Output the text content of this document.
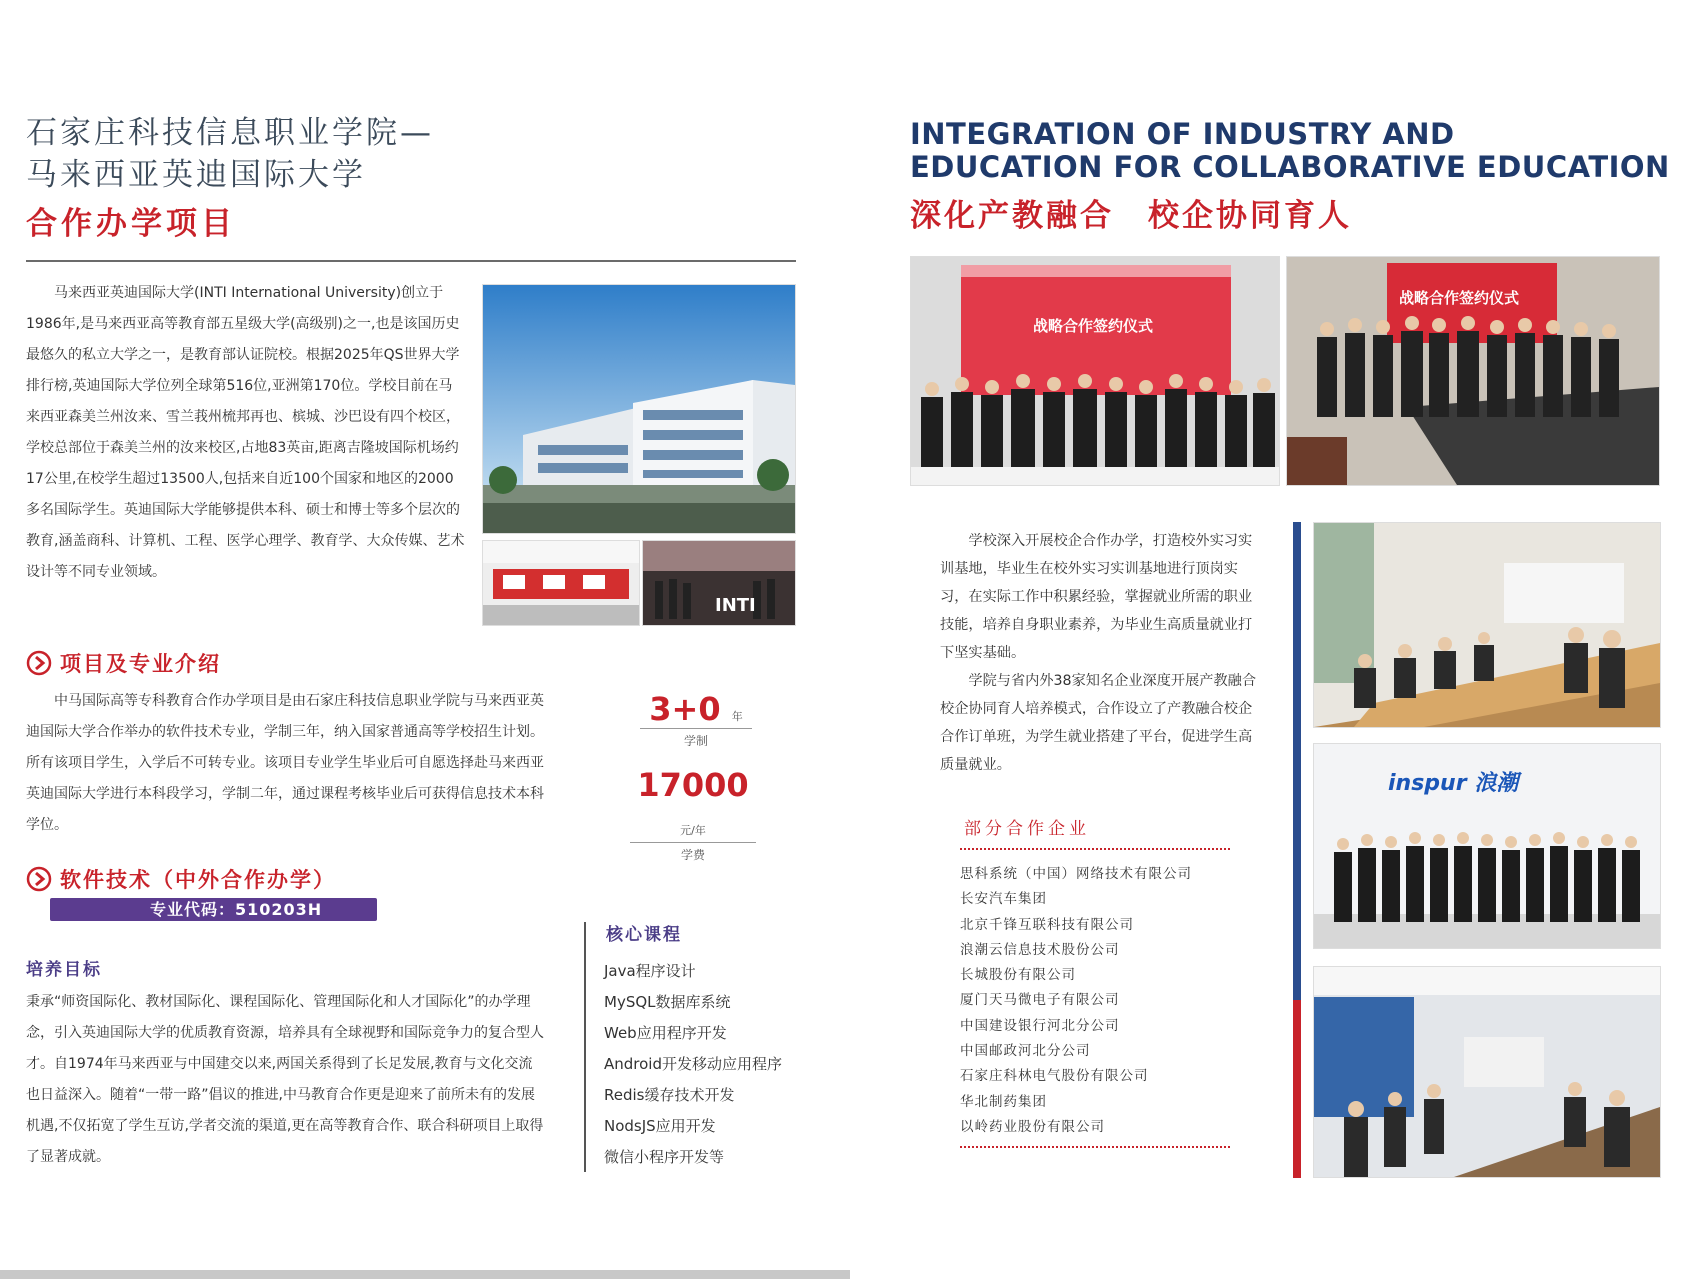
石家庄科技信息职业学院—
马来西亚英迪国际大学
合作办学项目

马来西亚英迪国际大学(INTI International University)创立于1986年,是马来西亚高等教育部五星级大学(高级别)之一,也是该国历史最悠久的私立大学之一，是教育部认证院校。根据2025年QS世界大学排行榜,英迪国际大学位列全球第516位,亚洲第170位。学校目前在马来西亚森美兰州汝来、雪兰莪州梳邦再也、槟城、沙巴设有四个校区，学校总部位于森美兰州的汝来校区,占地83英亩,距离吉隆坡国际机场约17公里,在校学生超过13500人,包括来自近100个国家和地区的2000多名国际学生。英迪国际大学能够提供本科、硕士和博士等多个层次的教育,涵盖商科、计算机、工程、医学心理学、教育学、大众传媒、艺术设计等不同专业领域。

INTI
项目及专业介绍

中马国际高等专科教育合作办学项目是由石家庄科技信息职业学院与马来西亚英迪国际大学合作举办的软件技术专业，学制三年，纳入国家普通高等学校招生计划。所有该项目学生，入学后不可转专业。该项目专业学生毕业后可自愿选择赴马来西亚英迪国际大学进行本科段学习，学制二年，通过课程考核毕业后可获得信息技术本科学位。

3+0 年
学制
17000 元/年
学费
软件技术（中外合作办学）
专业代码：510203H
培养目标

秉承“师资国际化、教材国际化、课程国际化、管理国际化和人才国际化”的办学理念，引入英迪国际大学的优质教育资源，培养具有全球视野和国际竞争力的复合型人才。自1974年马来西亚与中国建交以来,两国关系得到了长足发展,教育与文化交流也日益深入。随着“一带一路”倡议的推进,中马教育合作更是迎来了前所未有的发展机遇,不仅拓宽了学生互访,学者交流的渠道,更在高等教育合作、联合科研项目上取得了显著成就。

核心课程
Java程序设计
MySQL数据库系统
Web应用程序开发
Android开发移动应用程序
Redis缓存技术开发
NodsJS应用开发
微信小程序开发等
INTEGRATION OF INDUSTRY AND
EDUCATION FOR COLLABORATIVE EDUCATION
深化产教融合　校企协同育人
战略合作签约仪式
战略合作签约仪式

学校深入开展校企合作办学，打造校外实习实训基地，毕业生在校外实习实训基地进行顶岗实习，在实际工作中积累经验，掌握就业所需的职业技能，培养自身职业素养，为毕业生高质量就业打下坚实基础。

学院与省内外38家知名企业深度开展产教融合校企协同育人培养模式，合作设立了产教融合校企合作订单班，为学生就业搭建了平台，促进学生高质量就业。

部分合作企业
思科系统（中国）网络技术有限公司
长安汽车集团
北京千锋互联科技有限公司
浪潮云信息技术股份公司
长城股份有限公司
厦门天马微电子有限公司
中国建设银行河北分公司
中国邮政河北分公司
石家庄科林电气股份有限公司
华北制药集团
以岭药业股份有限公司
inspur 浪潮
